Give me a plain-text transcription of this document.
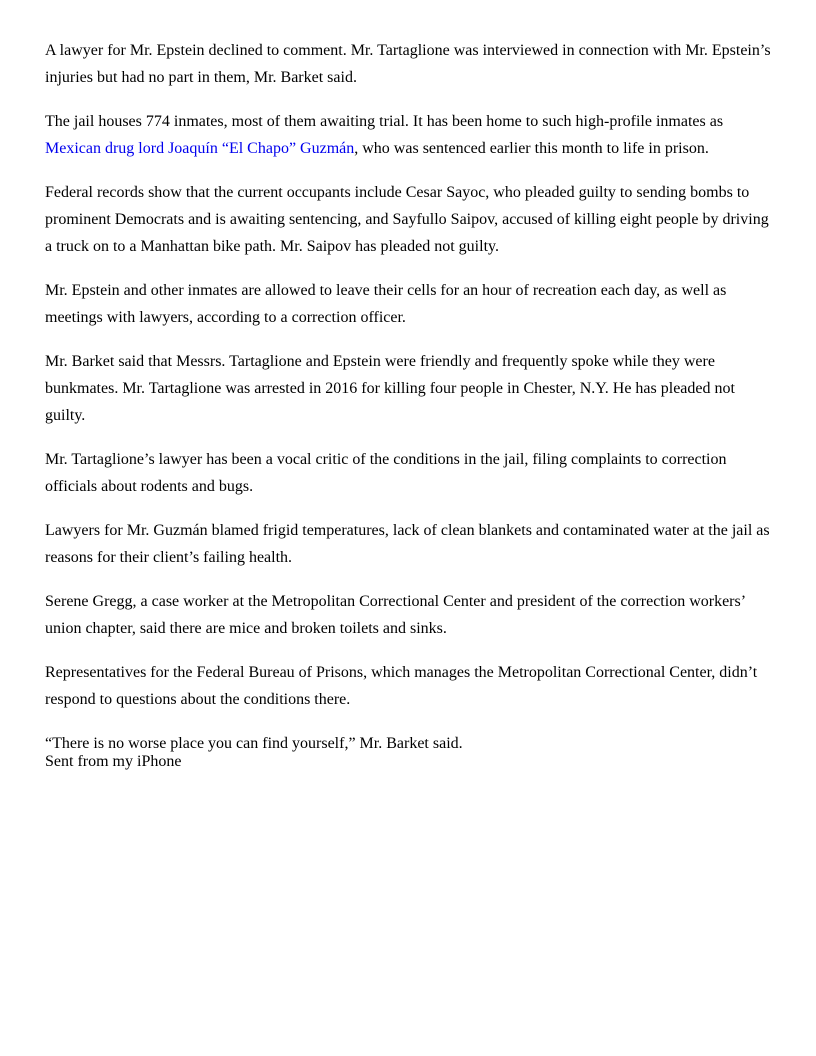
A lawyer for Mr. Epstein declined to comment. Mr. Tartaglione was interviewed in connection with Mr. Epstein’s injuries but had no part in them, Mr. Barket said.

The jail houses 774 inmates, most of them awaiting trial. It has been home to such high-profile inmates as Mexican drug lord Joaquín “El Chapo” Guzmán, who was sentenced earlier this month to life in prison.

Federal records show that the current occupants include Cesar Sayoc, who pleaded guilty to sending bombs to prominent Democrats and is awaiting sentencing, and Sayfullo Saipov, accused of killing eight people by driving a truck on to a Manhattan bike path. Mr. Saipov has pleaded not guilty.

Mr. Epstein and other inmates are allowed to leave their cells for an hour of recreation each day, as well as meetings with lawyers, according to a correction officer.

Mr. Barket said that Messrs. Tartaglione and Epstein were friendly and frequently spoke while they were bunkmates. Mr. Tartaglione was arrested in 2016 for killing four people in Chester, N.Y. He has pleaded not guilty.

Mr. Tartaglione’s lawyer has been a vocal critic of the conditions in the jail, filing complaints to correction officials about rodents and bugs.

Lawyers for Mr. Guzmán blamed frigid temperatures, lack of clean blankets and contaminated water at the jail as reasons for their client’s failing health.

Serene Gregg, a case worker at the Metropolitan Correctional Center and president of the correction workers’ union chapter, said there are mice and broken toilets and sinks.

Representatives for the Federal Bureau of Prisons, which manages the Metropolitan Correctional Center, didn’t respond to questions about the conditions there.

“There is no worse place you can find yourself,” Mr. Barket said.

Sent from my iPhone
